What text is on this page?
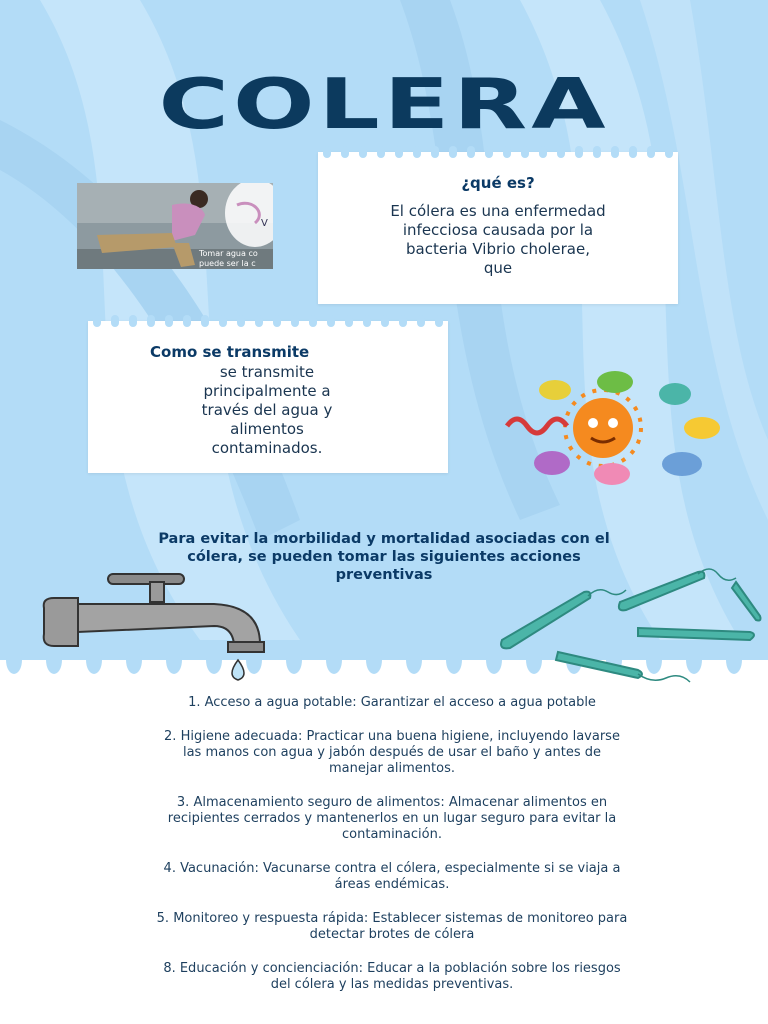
COLERA
Tomar agua co
puede ser la c
V
¿qué es?

El cólera es una enfermedad

infecciosa causada por la

bacteria Vibrio cholerae,

que

Como se transmite

se transmite

principalmente a

través del agua y

alimentos

contaminados.

Para evitar la morbilidad y mortalidad asociadas con el
cólera, se pueden tomar las siguientes acciones
preventivas

1. Acceso a agua potable: Garantizar el acceso a agua potable

2. Higiene adecuada: Practicar una buena higiene, incluyendo lavarse
las manos con agua y jabón después de usar el baño y antes de
manejar alimentos.

3. Almacenamiento seguro de alimentos: Almacenar alimentos en
recipientes cerrados y mantenerlos en un lugar seguro para evitar la
contaminación.

4. Vacunación: Vacunarse contra el cólera, especialmente si se viaja a
áreas endémicas.

5. Monitoreo y respuesta rápida: Establecer sistemas de monitoreo para
detectar brotes de cólera

8. Educación y concienciación: Educar a la población sobre los riesgos
del cólera y las medidas preventivas.
